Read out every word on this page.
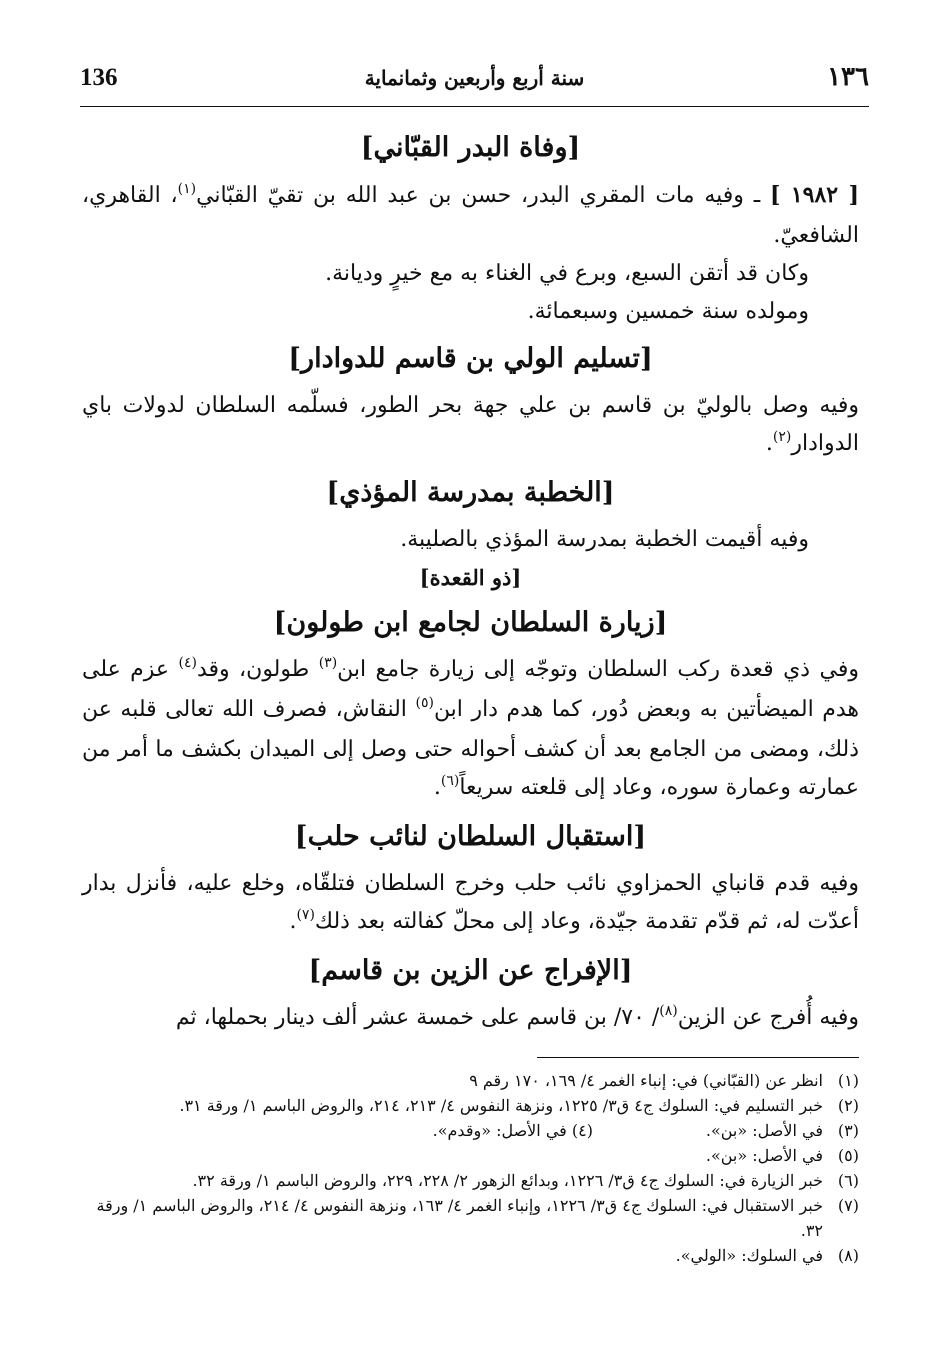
136	سنة أربع وأربعين وثمانماية	١٣٦
[وفاة البدر القبّاني]

[ ١٩٨٢ ] ـ وفيه مات المقري البدر، حسن بن عبد الله بن تقيّ القبّاني$^{(١)}$، القاهري، الشافعيّ.

وكان قد أتقن السبع، وبرع في الغناء به مع خيرٍ وديانة.

ومولده سنة خمسين وسبعمائة.

[تسليم الولي بن قاسم للدوادار]

وفيه وصل بالوليّ بن قاسم بن علي جهة بحر الطور، فسلّمه السلطان لدولات باي الدوادار$^{(٢)}$.

[الخطبة بمدرسة المؤذي]

وفيه أقيمت الخطبة بمدرسة المؤذي بالصليبة.

[ذو القعدة]
[زيارة السلطان لجامع ابن طولون]

وفي ذي قعدة ركب السلطان وتوجّه إلى زيارة جامع ابن$^{(٣)}$ طولون، وقد$^{(٤)}$ عزم على هدم الميضأتين به وبعض دُور، كما هدم دار ابن$^{(٥)}$ النقاش، فصرف الله تعالى قلبه عن ذلك، ومضى من الجامع بعد أن كشف أحواله حتى وصل إلى الميدان بكشف ما أمر من عمارته وعمارة سوره، وعاد إلى قلعته سريعاً$^{(٦)}$.

[استقبال السلطان لنائب حلب]

وفيه قدم قانباي الحمزاوي نائب حلب وخرج السلطان فتلقّاه، وخلع عليه، فأنزل بدار أعدّت له، ثم قدّم تقدمة جيّدة، وعاد إلى محلّ كفالته بعد ذلك$^{(٧)}$.

[الإفراج عن الزين بن قاسم]

وفيه أُفرج عن الزين$^{(٨)}$/ ٧٠/ بن قاسم على خمسة عشر ألف دينار بحملها، ثم

(١)
انظر عن (القبّاني) في: إنباء الغمر ٤/ ١٦٩، ١٧٠ رقم ٩
(٢)
خبر التسليم في: السلوك ج٤ ق٣/ ١٢٢٥، ونزهة النفوس ٤/ ٢١٣، ٢١٤، والروض الباسم ١/ ورقة ٣١.
(٣)
في الأصل: «بن».(٤) في الأصل: «وقدم».
(٥)
في الأصل: «بن».
(٦)
خبر الزيارة في: السلوك ج٤ ق٣/ ١٢٢٦، وبدائع الزهور ٢/ ٢٢٨، ٢٢٩، والروض الباسم ١/ ورقة ٣٢.
(٧)
خبر الاستقبال في: السلوك ج٤ ق٣/ ١٢٢٦، وإنباء الغمر ٤/ ١٦٣، ونزهة النفوس ٤/ ٢١٤، والروض الباسم ١/ ورقة ٣٢.
(٨)
في السلوك: «الولي».
